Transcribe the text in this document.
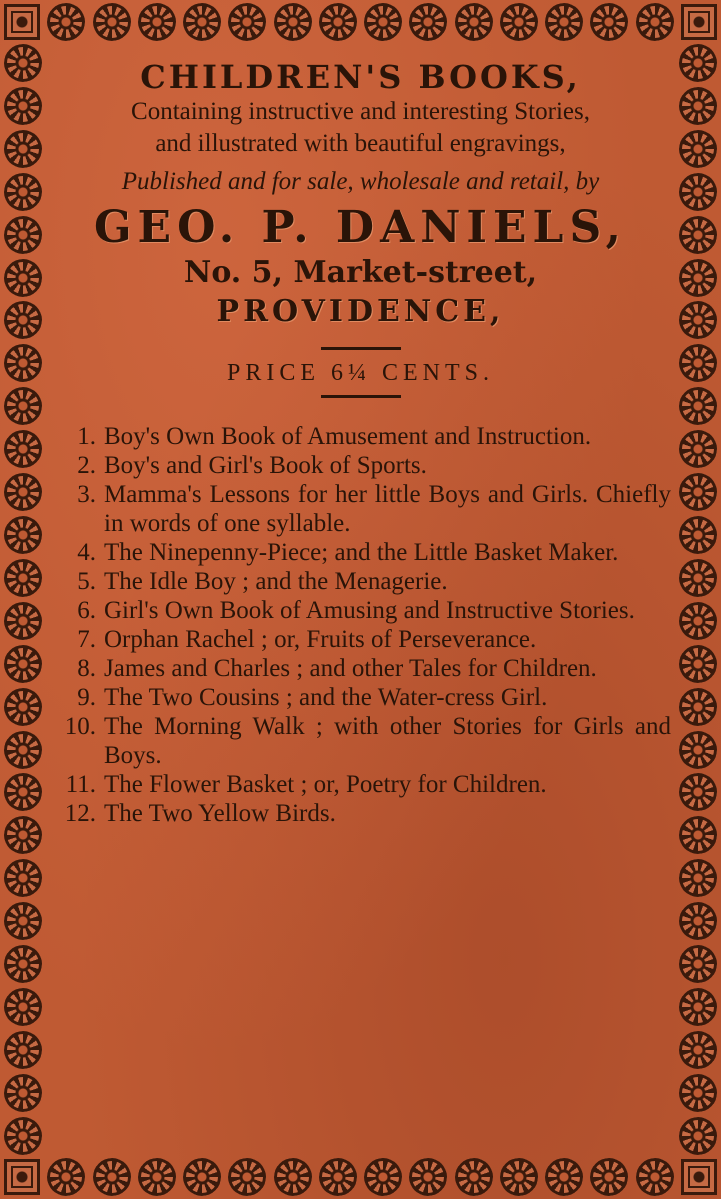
CHILDREN'S BOOKS,
Containing instructive and interesting Stories,
and illustrated with beautiful engravings,
Published and for sale, wholesale and retail, by
GEO. P. DANIELS,
No. 5, Market-street,
PROVIDENCE,
PRICE 6¼ CENTS.
1. Boy's Own Book of Amusement and Instruction.
2. Boy's and Girl's Book of Sports.
3. Mamma's Lessons for her little Boys and Girls. Chiefly in words of one syllable.
4. The Ninepenny-Piece; and the Little Basket Maker.
5. The Idle Boy ; and the Menagerie.
6. Girl's Own Book of Amusing and Instructive Stories.
7. Orphan Rachel ; or, Fruits of Perseverance.
8. James and Charles ; and other Tales for Children.
9. The Two Cousins ; and the Water-cress Girl.
10. The Morning Walk ; with other Stories for Girls and Boys.
11. The Flower Basket ; or, Poetry for Children.
12. The Two Yellow Birds.
